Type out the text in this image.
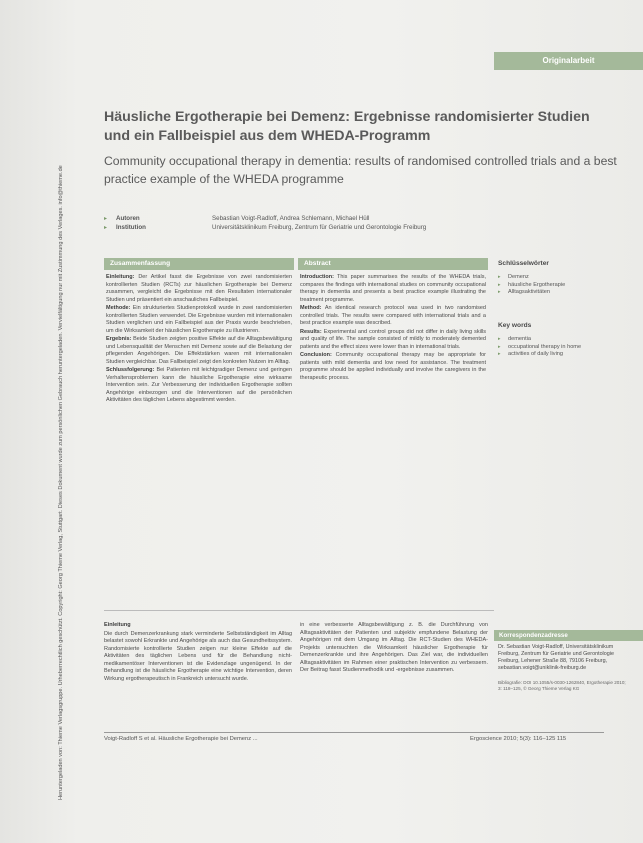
Originalarbeit
Heruntergeladen von: Thieme Verlagsgruppe. Urheberrechtlich geschützt. Copyright: Georg Thieme Verlag, Stuttgart. Dieses Dokument wurde zum persönlichen Gebrauch heruntergeladen. Vervielfältigung nur mit Zustimmung des Verlages. info@thieme.de
Häusliche Ergotherapie bei Demenz: Ergebnisse randomisierter Studien und ein Fallbeispiel aus dem WHEDA-Programm
Community occupational therapy in dementia: results of randomised controlled trials and a best practice example of the WHEDA programme
▸	Autoren	Sebastian Voigt-Radloff, Andrea Schlemann, Michael Hüll
▸	Institution	Universitätsklinikum Freiburg, Zentrum für Geriatrie und Gerontologie Freiburg
Zusammenfassung

Einleitung: Der Artikel fasst die Ergebnisse von zwei randomisierten kontrollierten Studien (RCTs) zur häuslichen Ergotherapie bei Demenz zusammen, vergleicht die Ergebnisse mit den Resultaten internationaler Studien und präsentiert ein anschauliches Fallbeispiel.

Methode: Ein strukturiertes Studienprotokoll wurde in zwei randomisierten kontrollierten Studien verwendet. Die Ergebnisse wurden mit internationalen Studien verglichen und ein Fallbeispiel aus der Praxis wurde beschrieben, um die Wirksamkeit der häuslichen Ergotherapie zu illustrieren.

Ergebnis: Beide Studien zeigten positive Effekte auf die Alltagsbewältigung und Lebensqualität der Menschen mit Demenz sowie auf die Belastung der pflegenden Angehörigen. Die Effektstärken waren mit internationalen Studien vergleichbar. Das Fallbeispiel zeigt den konkreten Nutzen im Alltag.

Schlussfolgerung: Bei Patienten mit leichtgradiger Demenz und geringen Verhaltensproblemen kann die häusliche Ergotherapie eine wirksame Intervention sein. Zur Verbesserung der individuellen Ergotherapie sollten Angehörige einbezogen und die Interventionen auf die persönlichen Aktivitäten des täglichen Lebens abgestimmt werden.

Abstract

Introduction: This paper summarises the results of the WHEDA trials, compares the findings with international studies on community occupational therapy in dementia and presents a best practice example illustrating the treatment programme.

Method: An identical research protocol was used in two randomised controlled trials. The results were compared with international trials and a best practice example was described.

Results: Experimental and control groups did not differ in daily living skills and quality of life. The sample consisted of mildly to moderately demented patients and the effect sizes were lower than in international trials.

Conclusion: Community occupational therapy may be appropriate for patients with mild dementia and low need for assistance. The treatment programme should be applied individually and involve the caregivers in the therapeutic process.

Schlüsselwörter
▸ Demenz
▸ häusliche Ergotherapie
▸ Alltagsaktivitäten
Key words
▸ dementia
▸ occupational therapy in home
▸ activities of daily living

Einleitung

Die durch Demenzerkrankung stark verminderte Selbstständigkeit im Alltag belastet sowohl Erkrankte und Angehörige als auch das Gesundheitssystem. Randomisierte kontrollierte Studien zeigen nur kleine Effekte auf die Aktivitäten des täglichen Lebens und für die Behandlung nicht-medikamentöser Interventionen ist die Evidenzlage ungenügend. In der Behandlung ist die häusliche Ergotherapie eine wichtige Intervention, deren Wirkung ergotherapeutisch in Frankreich untersucht wurde.

in eine verbesserte Alltagsbewältigung z. B. die Durchführung von Alltagsaktivitäten der Patienten und subjektiv empfundene Belastung der Angehörigen mit dem Umgang im Alltag. Die RCT-Studien des WHEDA-Projekts untersuchten die Wirksamkeit häuslicher Ergotherapie für Demenzerkrankte und ihre Angehörigen. Das Ziel war, die individuellen Alltagsaktivitäten im Rahmen einer praktischen Intervention zu verbessern. Der Beitrag fasst Studienmethodik und -ergebnisse zusammen.

Korrespondenzadresse
Dr. Sebastian Voigt-Radloff, Universitätsklinikum Freiburg, Zentrum für Geriatrie und Gerontologie Freiburg, Lehener Straße 88, 79106 Freiburg, sebastian.voigt@uniklinik-freiburg.de
Bibliografie: DOI 10.1055/s-0030-1262840, Ergotherapie 2010; 3: 118–125, © Georg Thieme Verlag KG
Voigt-Radloff S et al. Häusliche Ergotherapie bei Demenz ...	Ergoscience 2010; 5(3): 116–125 115
